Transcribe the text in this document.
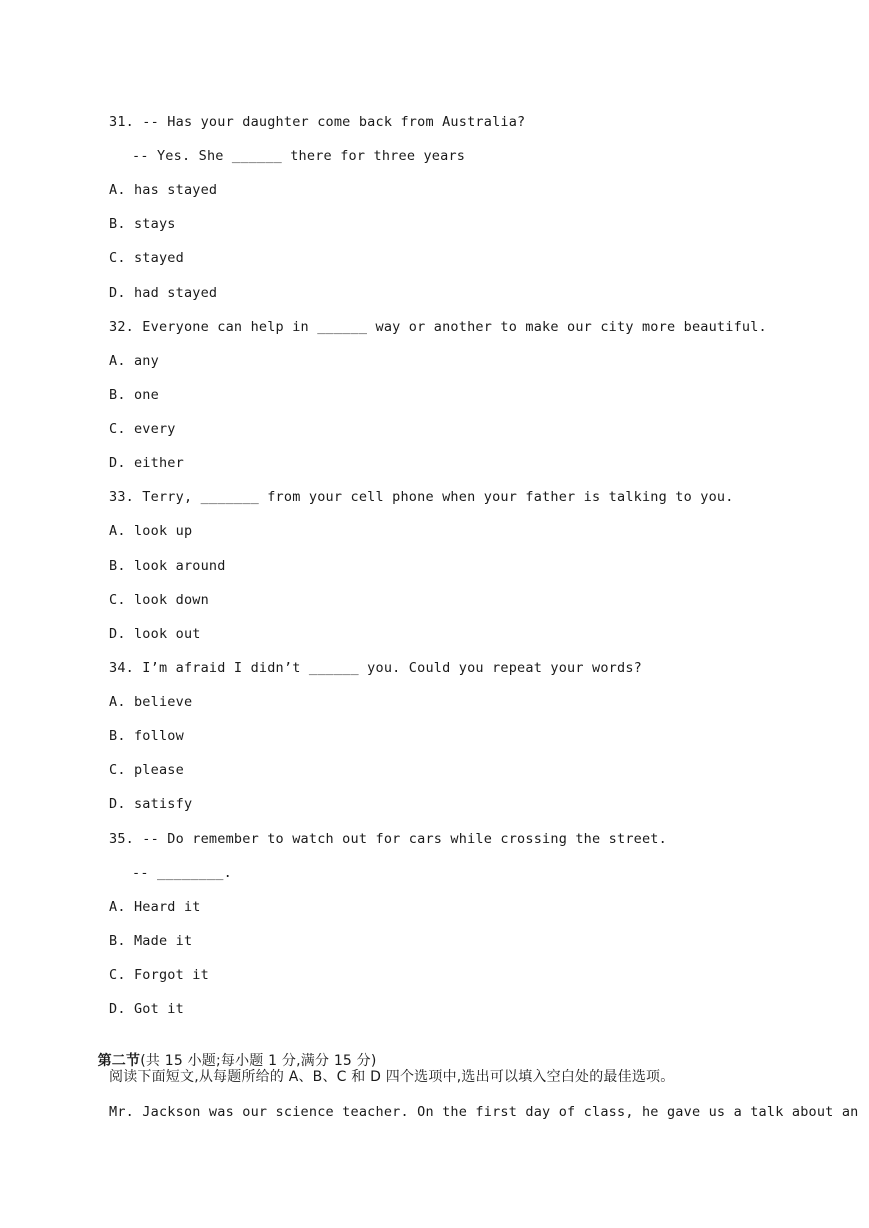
31. -- Has your daughter come back from Australia?
-- Yes. She ______ there for three years
A. has stayed
B. stays
C. stayed
D. had stayed
32. Everyone can help in ______ way or another to make our city more beautiful.
A. any
B. one
C. every
D. either
33. Terry, _______ from your cell phone when your father is talking to you.
A. look up
B. look around
C. look down
D. look out
34. I’m afraid I didn’t ______ you. Could you repeat your words?
A. believe
B. follow
C. please
D. satisfy
35. -- Do remember to watch out for cars while crossing the street.
-- ________.
A. Heard it
B. Made it
C. Forgot it
D. Got it

第二节(共 15 小题;每小题 1 分,满分 15 分)

阅读下面短文,从每题所给的 A、B、C 和 D 四个选项中,选出可以填入空白处的最佳选项。
Mr. Jackson was our science teacher. On the first day of class, he gave us a talk about an
